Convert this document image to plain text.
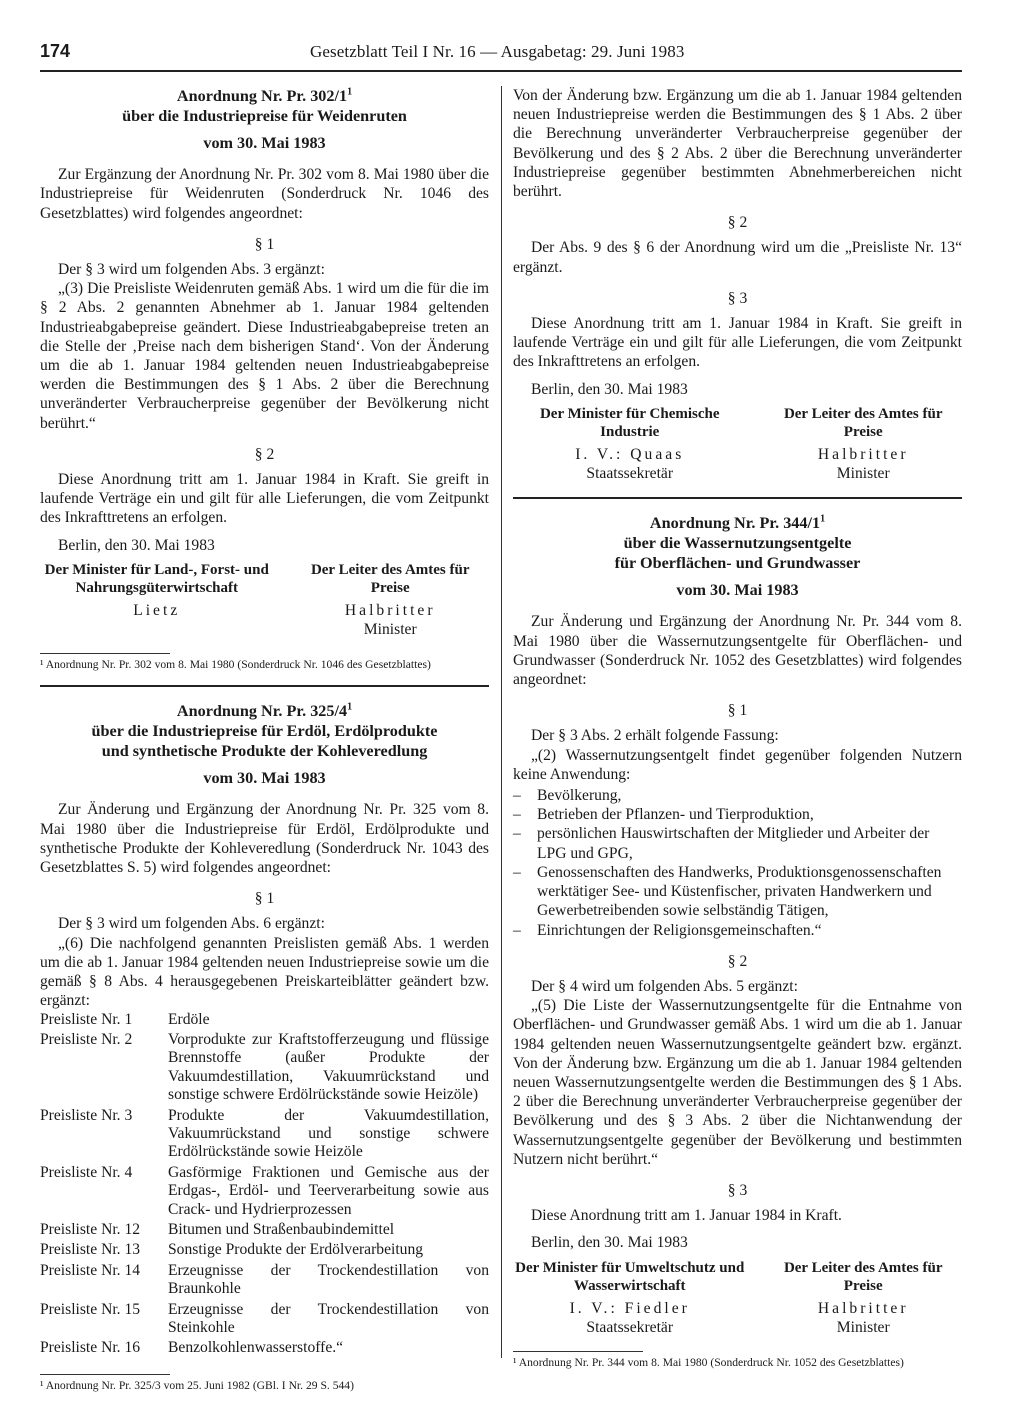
174	Gesetzblatt Teil I Nr. 16 — Ausgabetag: 29. Juni 1983
Anordnung Nr. Pr. $302/1^1$
über die Industriepreise für Weidenruten
vom 30. Mai 1983

Zur Ergänzung der Anordnung Nr. Pr. 302 vom 8. Mai 1980 über die Industriepreise für Weidenruten (Sonderdruck Nr. 1046 des Gesetzblattes) wird folgendes angeordnet:

§ 1

Der § 3 wird um folgenden Abs. 3 ergänzt:

„(3) Die Preisliste Weidenruten gemäß Abs. 1 wird um die für die im § 2 Abs. 2 genannten Abnehmer ab 1. Januar 1984 geltenden Industrieabgabepreise geändert. Diese Industrieabgabepreise treten an die Stelle der ‚Preise nach dem bisherigen Stand‘. Von der Änderung um die ab 1. Januar 1984 geltenden neuen Industrieabgabepreise werden die Bestimmungen des § 1 Abs. 2 über die Berechnung unveränderter Verbraucherpreise gegenüber der Bevölkerung nicht berührt.“

§ 2

Diese Anordnung tritt am 1. Januar 1984 in Kraft. Sie greift in laufende Verträge ein und gilt für alle Lieferungen, die vom Zeitpunkt des Inkrafttretens an erfolgen.

Berlin, den 30. Mai 1983
Der Minister für Land-, Forst- und Nahrungsgüterwirtschaft
Lietz
Der Leiter des Amtes für Preise
Halbritter
Minister
¹ Anordnung Nr. Pr. 302 vom 8. Mai 1980 (Sonderdruck Nr. 1046 des Gesetzblattes)
Anordnung Nr. Pr. $325/4^1$
über die Industriepreise für Erdöl, Erdölprodukte
und synthetische Produkte der Kohleveredlung
vom 30. Mai 1983

Zur Änderung und Ergänzung der Anordnung Nr. Pr. 325 vom 8. Mai 1980 über die Industriepreise für Erdöl, Erdölprodukte und synthetische Produkte der Kohleveredlung (Sonderdruck Nr. 1043 des Gesetzblattes S. 5) wird folgendes angeordnet:

§ 1

Der § 3 wird um folgenden Abs. 6 ergänzt:

„(6) Die nachfolgend genannten Preislisten gemäß Abs. 1 werden um die ab 1. Januar 1984 geltenden neuen Industriepreise sowie um die gemäß § 8 Abs. 4 herausgegebenen Preiskarteiblätter geändert bzw. ergänzt:

Preisliste Nr. 1	Erdöle
Preisliste Nr. 2	Vorprodukte zur Kraftstofferzeugung und flüssige Brennstoffe (außer Produkte der Vakuumdestillation, Vakuumrückstand und sonstige schwere Erdölrückstände sowie Heizöle)
Preisliste Nr. 3	Produkte der Vakuumdestillation, Vakuumrückstand und sonstige schwere Erdölrückstände sowie Heizöle
Preisliste Nr. 4	Gasförmige Fraktionen und Gemische aus der Erdgas-, Erdöl- und Teerverarbeitung sowie aus Crack- und Hydrierprozessen
Preisliste Nr. 12	Bitumen und Straßenbaubindemittel
Preisliste Nr. 13	Sonstige Produkte der Erdölverarbeitung
Preisliste Nr. 14	Erzeugnisse der Trockendestillation von Braunkohle
Preisliste Nr. 15	Erzeugnisse der Trockendestillation von Steinkohle
Preisliste Nr. 16	Benzolkohlenwasserstoffe.“
¹ Anordnung Nr. Pr. 325/3 vom 25. Juni 1982 (GBl. I Nr. 29 S. 544)

Von der Änderung bzw. Ergänzung um die ab 1. Januar 1984 geltenden neuen Industriepreise werden die Bestimmungen des § 1 Abs. 2 über die Berechnung unveränderter Verbraucherpreise gegenüber der Bevölkerung und des § 2 Abs. 2 über die Berechnung unveränderter Industriepreise gegenüber bestimmten Abnehmerbereichen nicht berührt.

§ 2

Der Abs. 9 des § 6 der Anordnung wird um die „Preisliste Nr. 13“ ergänzt.

§ 3

Diese Anordnung tritt am 1. Januar 1984 in Kraft. Sie greift in laufende Verträge ein und gilt für alle Lieferungen, die vom Zeitpunkt des Inkrafttretens an erfolgen.

Berlin, den 30. Mai 1983
Der Minister für Chemische Industrie
I. V.: Quaas
Staatssekretär
Der Leiter des Amtes für Preise
Halbritter
Minister
Anordnung Nr. Pr. $344/1^1$
über die Wassernutzungsentgelte
für Oberflächen- und Grundwasser
vom 30. Mai 1983

Zur Änderung und Ergänzung der Anordnung Nr. Pr. 344 vom 8. Mai 1980 über die Wassernutzungsentgelte für Oberflächen- und Grundwasser (Sonderdruck Nr. 1052 des Gesetzblattes) wird folgendes angeordnet:

§ 1

Der § 3 Abs. 2 erhält folgende Fassung:

„(2) Wassernutzungsentgelt findet gegenüber folgenden Nutzern keine Anwendung:

– Bevölkerung,
– Betrieben der Pflanzen- und Tierproduktion,
– persönlichen Hauswirtschaften der Mitglieder und Arbeiter der LPG und GPG,
– Genossenschaften des Handwerks, Produktionsgenossenschaften werktätiger See- und Küstenfischer, privaten Handwerkern und Gewerbetreibenden sowie selbständig Tätigen,
– Einrichtungen der Religionsgemeinschaften.“
§ 2

Der § 4 wird um folgenden Abs. 5 ergänzt:

„(5) Die Liste der Wassernutzungsentgelte für die Entnahme von Oberflächen- und Grundwasser gemäß Abs. 1 wird um die ab 1. Januar 1984 geltenden neuen Wassernutzungsentgelte geändert bzw. ergänzt. Von der Änderung bzw. Ergänzung um die ab 1. Januar 1984 geltenden neuen Wassernutzungsentgelte werden die Bestimmungen des § 1 Abs. 2 über die Berechnung unveränderter Verbraucherpreise gegenüber der Bevölkerung und des § 3 Abs. 2 über die Nichtanwendung der Wassernutzungsentgelte gegenüber der Bevölkerung und bestimmten Nutzern nicht berührt.“

§ 3

Diese Anordnung tritt am 1. Januar 1984 in Kraft.

Berlin, den 30. Mai 1983
Der Minister für Umweltschutz und Wasserwirtschaft
I. V.: Fiedler
Staatssekretär
Der Leiter des Amtes für Preise
Halbritter
Minister
¹ Anordnung Nr. Pr. 344 vom 8. Mai 1980 (Sonderdruck Nr. 1052 des Gesetzblattes)
